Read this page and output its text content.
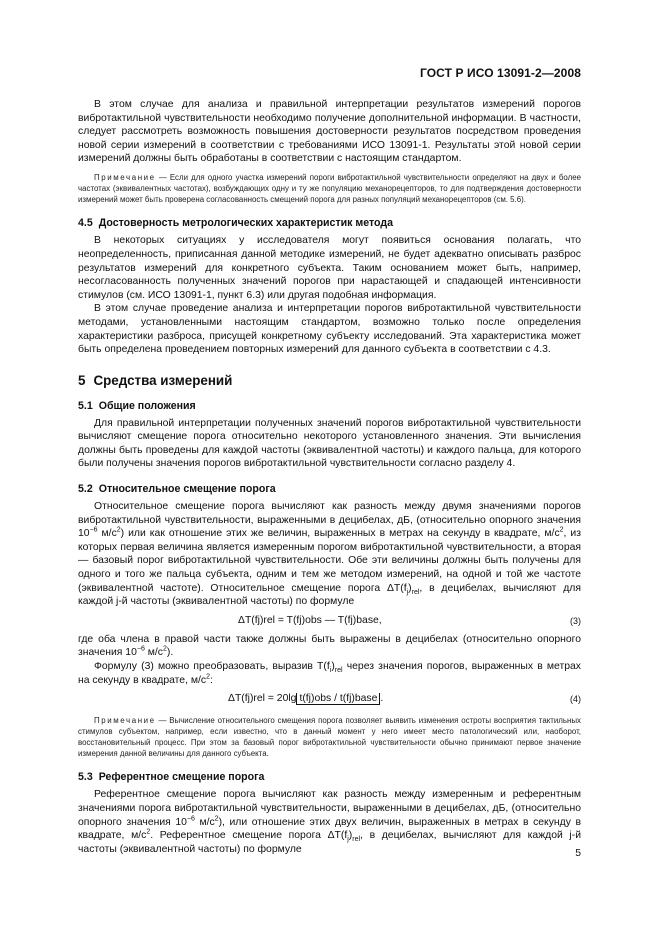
ГОСТ Р ИСО 13091-2—2008

В этом случае для анализа и правильной интерпретации результатов измерений порогов вибротактильной чувствительности необходимо получение дополнительной информации. В частности, следует рассмотреть возможность повышения достоверности результатов посредством проведения новой серии измерений в соответствии с требованиями ИСО 13091-1. Результаты этой новой серии измерений должны быть обработаны в соответствии с настоящим стандартом.

Примечание — Если для одного участка измерений пороги вибротактильной чувствительности определяют на двух и более частотах (эквивалентных частотах), возбуждающих одну и ту же популяцию механорецепторов, то для подтверждения достоверности измерений может быть проверена согласованность смещений порога для разных популяций механорецепторов (см. 5.6).

4.5 Достоверность метрологических характеристик метода

В некоторых ситуациях у исследователя могут появиться основания полагать, что неопределенность, приписанная данной методике измерений, не будет адекватно описывать разброс результатов измерений для конкретного субъекта. Таким основанием может быть, например, несогласованность полученных значений порогов при нарастающей и спадающей интенсивности стимулов (см. ИСО 13091-1, пункт 6.3) или другая подобная информация.

В этом случае проведение анализа и интерпретации порогов вибротактильной чувствительности методами, установленными настоящим стандартом, возможно только после определения характеристики разброса, присущей конкретному субъекту исследований. Эта характеристика может быть определена проведением повторных измерений для данного субъекта в соответствии с 4.3.

5 Средства измерений
5.1 Общие положения

Для правильной интерпретации полученных значений порогов вибротактильной чувствительности вычисляют смещение порога относительно некоторого установленного значения. Эти вычисления должны быть проведены для каждой частоты (эквивалентной частоты) и каждого пальца, для которого были получены значения порогов вибротактильной чувствительности согласно разделу 4.

5.2 Относительное смещение порога

Относительное смещение порога вычисляют как разность между двумя значениями порогов вибротактильной чувствительности, выраженными в децибелах, дБ, (относительно опорного значения $10^{-6}$ $м/с^2$) или как отношение этих же величин, выраженных в метрах на секунду в квадрате, $м/с^2$, из которых первая величина является измеренным порогом вибротактильной чувствительности, а вторая — базовый порог вибротактильной чувствительности. Обе эти величины должны быть получены для одного и того же пальца субъекта, одним и тем же методом измерений, на одной и той же частоте (эквивалентной частоте). Относительное смещение порога $\Delta T(f_j)_{rel}$, в децибелах, вычисляют для каждой j-й частоты (эквивалентной частоты) по формуле

ΔT(fj)rel = T(fj)obs — T(fj)base,	(3)

где оба члена в правой части также должны быть выражены в децибелах (относительно опорного значения $10^{-6}$ $м/с^2$).

Формулу (3) можно преобразовать, выразив $T(f_i)_{rel}$ через значения порогов, выраженных в метрах на секунду в квадрате, $м/с^2$:

ΔT(fj)rel = 20lg t(fj)obs / t(fj)base .	(4)

Примечание — Вычисление относительного смещения порога позволяет выявить изменения остроты восприятия тактильных стимулов субъектом, например, если известно, что в данный момент у него имеет место патологический или, наоборот, восстановительный процесс. При этом за базовый порог вибротактильной чувствительности обычно принимают первое значение измерения данной величины для данного субъекта.

5.3 Референтное смещение порога

Референтное смещение порога вычисляют как разность между измеренным и референтным значениями порога вибротактильной чувствительности, выраженными в децибелах, дБ, (относительно опорного значения $10^{-6}$ $м/с^2$), или отношение этих двух величин, выраженных в метрах в секунду в квадрате, $м/с^2$. Референтное смещение порога $\Delta T(f_j)_{rel}$, в децибелах, вычисляют для каждой j-й частоты (эквивалентной частоты) по формуле	5
